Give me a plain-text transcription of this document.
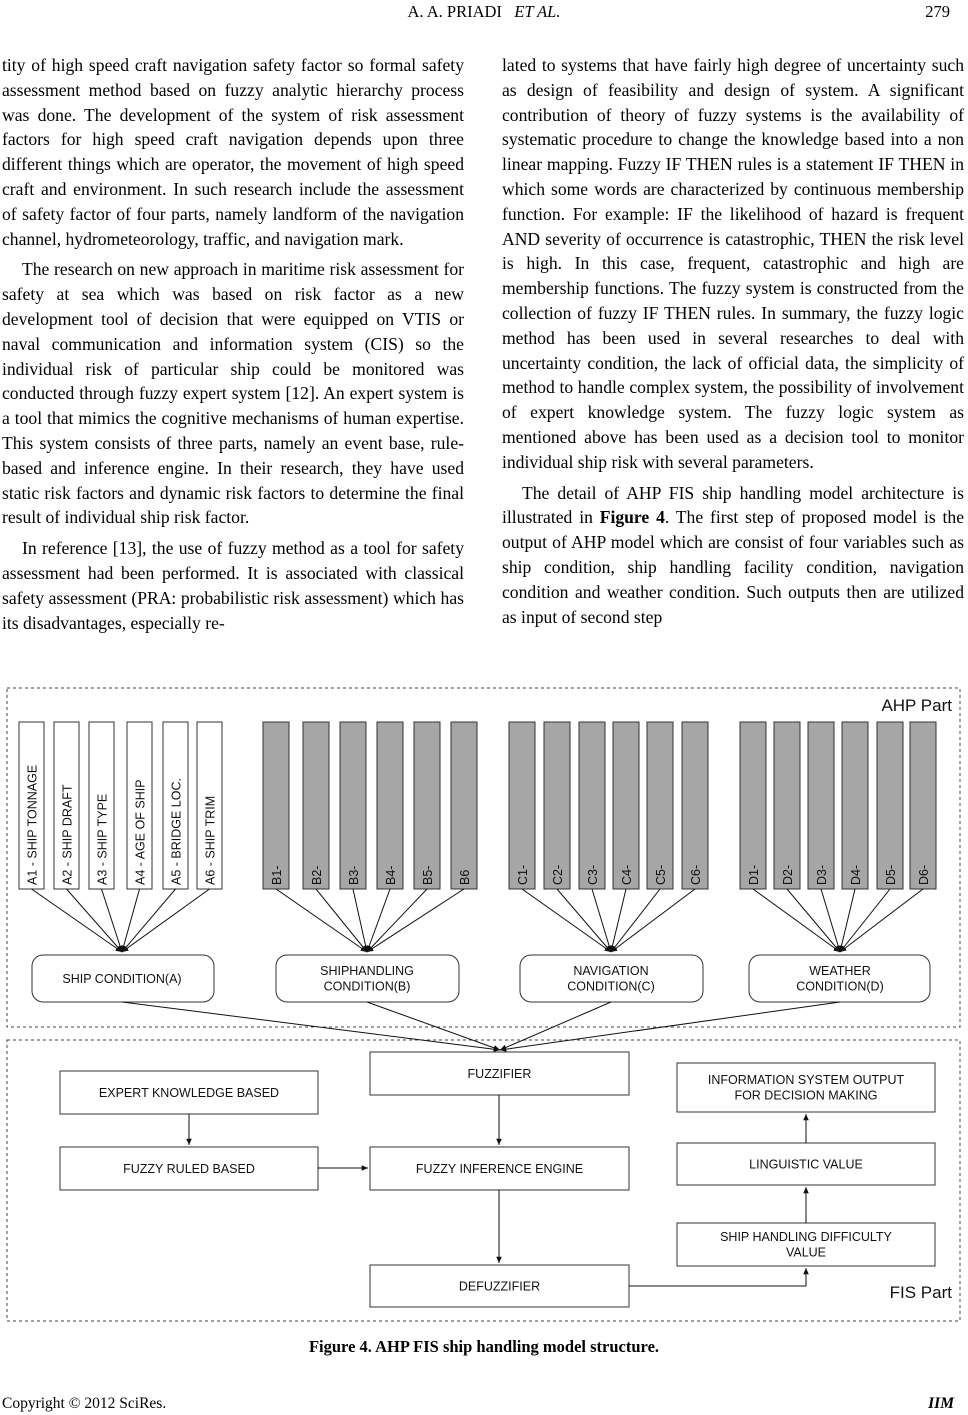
A. A. PRIADI ET AL.	279

tity of high speed craft navigation safety factor so formal safety assessment method based on fuzzy analytic hierarchy process was done. The development of the system of risk assessment factors for high speed craft navigation depends upon three different things which are operator, the movement of high speed craft and environment. In such research include the assessment of safety factor of four parts, namely landform of the navigation channel, hydrometeorology, traffic, and navigation mark.

The research on new approach in maritime risk assessment for safety at sea which was based on risk factor as a new development tool of decision that were equipped on VTIS or naval communication and information system (CIS) so the individual risk of particular ship could be monitored was conducted through fuzzy expert system [12]. An expert system is a tool that mimics the cognitive mechanisms of human expertise. This system consists of three parts, namely an event base, rule-based and inference engine. In their research, they have used static risk factors and dynamic risk factors to determine the final result of individual ship risk factor.

In reference [13], the use of fuzzy method as a tool for safety assessment had been performed. It is associated with classical safety assessment (PRA: probabilistic risk assessment) which has its disadvantages, especially re-

lated to systems that have fairly high degree of uncertainty such as design of feasibility and design of system. A significant contribution of theory of fuzzy systems is the availability of systematic procedure to change the knowledge based into a non linear mapping. Fuzzy IF THEN rules is a statement IF THEN in which some words are characterized by continuous membership function. For example: IF the likelihood of hazard is frequent AND severity of occurrence is catastrophic, THEN the risk level is high. In this case, frequent, catastrophic and high are membership functions. The fuzzy system is constructed from the collection of fuzzy IF THEN rules. In summary, the fuzzy logic method has been used in several researches to deal with uncertainty condition, the lack of official data, the simplicity of method to handle complex system, the possibility of involvement of expert knowledge system. The fuzzy logic system as mentioned above has been used as a decision tool to monitor individual ship risk with several parameters.

The detail of AHP FIS ship handling model architecture is illustrated in Figure 4. The first step of proposed model is the output of AHP model which are consist of four variables such as ship condition, ship handling facility condition, navigation condition and weather condition. Such outputs then are utilized as input of second step

AHP Part
FIS Part
A1 - SHIP TONNAGE A2 - SHIP DRAFT A3 - SHIP TYPE A4 - AGE OF SHIP A5 - BRIDGE LOC. A6 - SHIP TRIM	B1- B2- B3- B4- B5- B6	C1- C2- C3- C4- C5- C6-	D1- D2- D3- D4- D5- D6-
SHIP CONDITION(A)
SHIPHANDLING
CONDITION(B)
NAVIGATION
CONDITION(C)
WEATHER
CONDITION(D)
EXPERT KNOWLEDGE BASED
FUZZIFIER	INFORMATION SYSTEM OUTPUT
FOR DECISION MAKING
FUZZY RULED BASED	FUZZY INFERENCE ENGINE	LINGUISTIC VALUE
SHIP HANDLING DIFFICULTY
VALUE
DEFUZZIFIER
Figure 4. AHP FIS ship handling model structure.
Copyright © 2012 SciRes.	IIM
